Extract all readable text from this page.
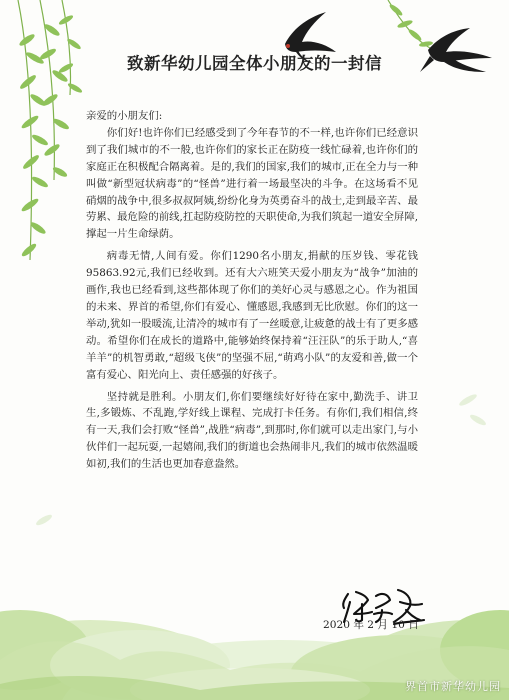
致新华幼儿园全体小朋友的一封信

亲爱的小朋友们:

你们好!也许你们已经感受到了今年春节的不一样,也许你们已经意识到了我们城市的不一般,也许你们的家长正在防疫一线忙碌着,也许你们的家庭正在积极配合隔离着。是的,我们的国家,我们的城市,正在全力与一种叫做“新型冠状病毒”的“怪兽”进行着一场最坚决的斗争。在这场看不见硝烟的战争中,很多叔叔阿姨,纷纷化身为英勇奋斗的战士,走到最辛苦、最劳累、最危险的前线,扛起防疫防控的天职使命,为我们筑起一道安全屏障,撑起一片生命绿荫。

病毒无情,人间有爱。你们1290名小朋友,捐献的压岁钱、零花钱95863.92元,我们已经收到。还有大六班笑天爱小朋友为“战争”加油的画作,我也已经看到,这些都体现了你们的美好心灵与感恩之心。作为祖国的未来、界首的希望,你们有爱心、懂感恩,我感到无比欣慰。你们的这一举动,犹如一股暖流,让清冷的城市有了一丝暖意,让疲惫的战士有了更多感动。希望你们在成长的道路中,能够始终保持着“汪汪队”的乐于助人,“喜羊羊”的机智勇敢,“超级飞侠”的坚强不屈,“萌鸡小队”的友爱和善,做一个富有爱心、阳光向上、责任感强的好孩子。

坚持就是胜利。小朋友们,你们要继续好好待在家中,勤洗手、讲卫生,多锻炼、不乱跑,学好线上课程、完成打卡任务。有你们,我们相信,终有一天,我们会打败“怪兽”,战胜“病毒”,到那时,你们就可以走出家门,与小伙伴们一起玩耍,一起嬉闹,我们的街道也会热闹非凡,我们的城市依然温暖如初,我们的生活也更加春意盎然。

2020 年 2 月 10 日
界首市新华幼儿园
